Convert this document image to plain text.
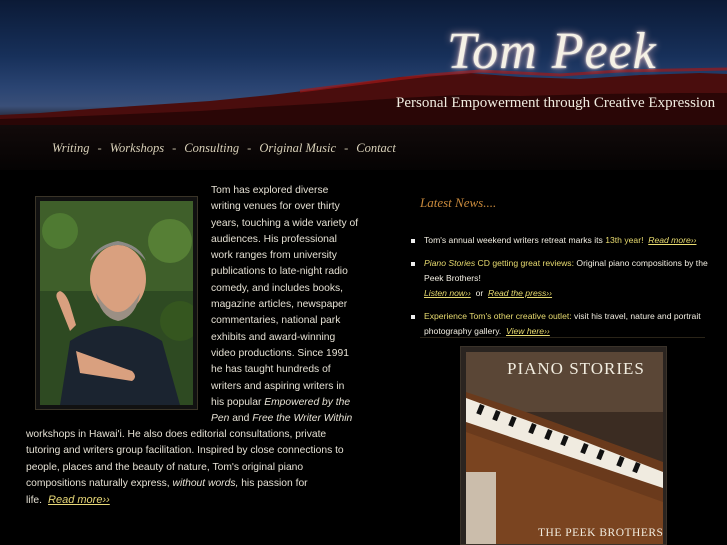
Tom Peek
Personal Empowerment through Creative Expression
Writing - Workshops - Consulting - Original Music - Contact
Tom has explored diverse writing venues for over thirty years, touching a wide variety of audiences. His professional work ranges from university publications to late-night radio comedy, and includes books, magazine articles, newspaper commentaries, national park exhibits and award-winning video productions. Since 1991 he has taught hundreds of writers and aspiring writers in his popular Empowered by the Pen and Free the Writer Within
workshops in Hawai'i. He also does editorial consultations, private tutoring and writers group facilitation. Inspired by close connections to people, places and the beauty of nature, Tom's original piano compositions naturally express, without words, his passion for life. Read more››
Latest News....
Tom's annual weekend writers retreat marks its 13th year! Read more››
Piano Stories CD getting great reviews: Original piano compositions by the Peek Brothers!
Listen now›› or Read the press››
Experience Tom's other creative outlet: visit his travel, nature and portrait photography gallery. View here››
PIANO STORIES
THE PEEK BROTHERS
